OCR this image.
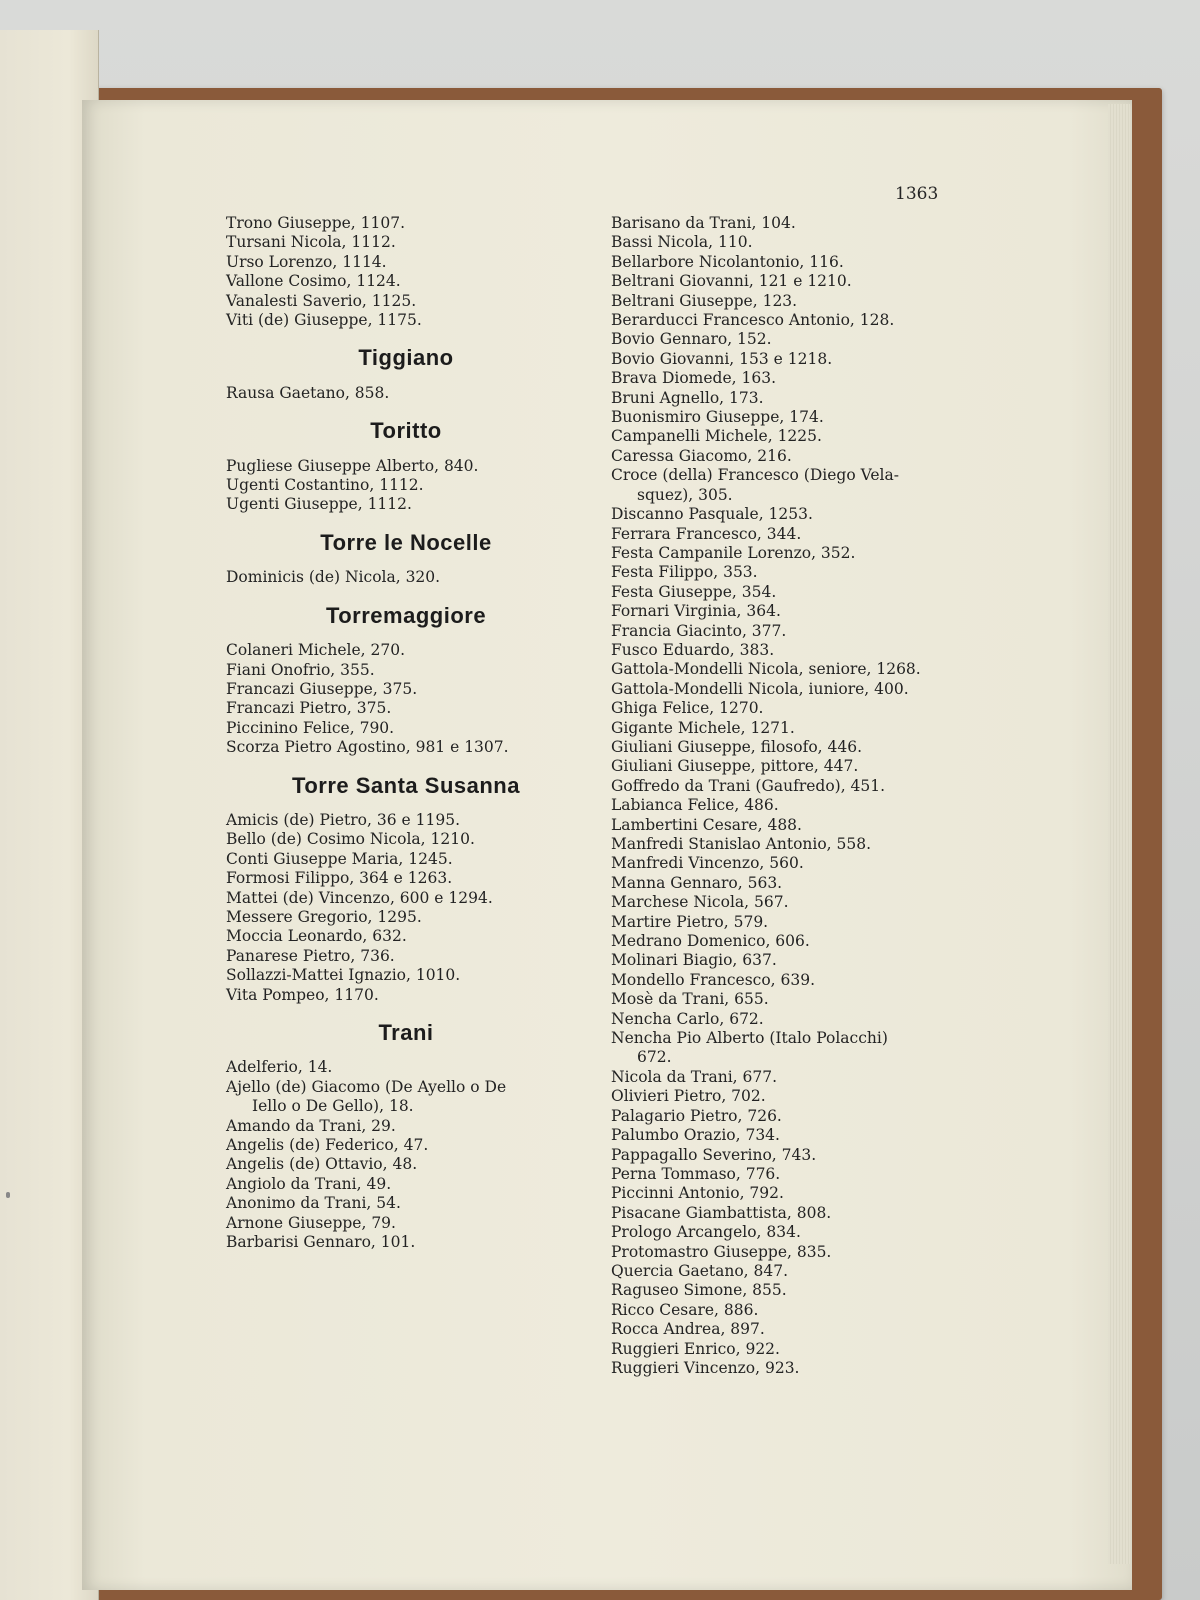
1363

Trono Giuseppe, 1107.

Tursani Nicola, 1112.

Urso Lorenzo, 1114.

Vallone Cosimo, 1124.

Vanalesti Saverio, 1125.

Viti (de) Giuseppe, 1175.

Tiggiano

Rausa Gaetano, 858.

Toritto

Pugliese Giuseppe Alberto, 840.

Ugenti Costantino, 1112.

Ugenti Giuseppe, 1112.

Torre le Nocelle

Dominicis (de) Nicola, 320.

Torremaggiore

Colaneri Michele, 270.

Fiani Onofrio, 355.

Francazi Giuseppe, 375.

Francazi Pietro, 375.

Piccinino Felice, 790.

Scorza Pietro Agostino, 981 e 1307.

Torre Santa Susanna

Amicis (de) Pietro, 36 e 1195.

Bello (de) Cosimo Nicola, 1210.

Conti Giuseppe Maria, 1245.

Formosi Filippo, 364 e 1263.

Mattei (de) Vincenzo, 600 e 1294.

Messere Gregorio, 1295.

Moccia Leonardo, 632.

Panarese Pietro, 736.

Sollazzi-Mattei Ignazio, 1010.

Vita Pompeo, 1170.

Trani

Adelferio, 14.

Ajello (de) Giacomo (De Ayello o De

Iello o De Gello), 18.

Amando da Trani, 29.

Angelis (de) Federico, 47.

Angelis (de) Ottavio, 48.

Angiolo da Trani, 49.

Anonimo da Trani, 54.

Arnone Giuseppe, 79.

Barbarisi Gennaro, 101.

Barisano da Trani, 104.

Bassi Nicola, 110.

Bellarbore Nicolantonio, 116.

Beltrani Giovanni, 121 e 1210.

Beltrani Giuseppe, 123.

Berarducci Francesco Antonio, 128.

Bovio Gennaro, 152.

Bovio Giovanni, 153 e 1218.

Brava Diomede, 163.

Bruni Agnello, 173.

Buonismiro Giuseppe, 174.

Campanelli Michele, 1225.

Caressa Giacomo, 216.

Croce (della) Francesco (Diego Vela-

squez), 305.

Discanno Pasquale, 1253.

Ferrara Francesco, 344.

Festa Campanile Lorenzo, 352.

Festa Filippo, 353.

Festa Giuseppe, 354.

Fornari Virginia, 364.

Francia Giacinto, 377.

Fusco Eduardo, 383.

Gattola-Mondelli Nicola, seniore, 1268.

Gattola-Mondelli Nicola, iuniore, 400.

Ghiga Felice, 1270.

Gigante Michele, 1271.

Giuliani Giuseppe, filosofo, 446.

Giuliani Giuseppe, pittore, 447.

Goffredo da Trani (Gaufredo), 451.

Labianca Felice, 486.

Lambertini Cesare, 488.

Manfredi Stanislao Antonio, 558.

Manfredi Vincenzo, 560.

Manna Gennaro, 563.

Marchese Nicola, 567.

Martire Pietro, 579.

Medrano Domenico, 606.

Molinari Biagio, 637.

Mondello Francesco, 639.

Mosè da Trani, 655.

Nencha Carlo, 672.

Nencha Pio Alberto (Italo Polacchi)

672.

Nicola da Trani, 677.

Olivieri Pietro, 702.

Palagario Pietro, 726.

Palumbo Orazio, 734.

Pappagallo Severino, 743.

Perna Tommaso, 776.

Piccinni Antonio, 792.

Pisacane Giambattista, 808.

Prologo Arcangelo, 834.

Protomastro Giuseppe, 835.

Quercia Gaetano, 847.

Raguseo Simone, 855.

Ricco Cesare, 886.

Rocca Andrea, 897.

Ruggieri Enrico, 922.

Ruggieri Vincenzo, 923.
